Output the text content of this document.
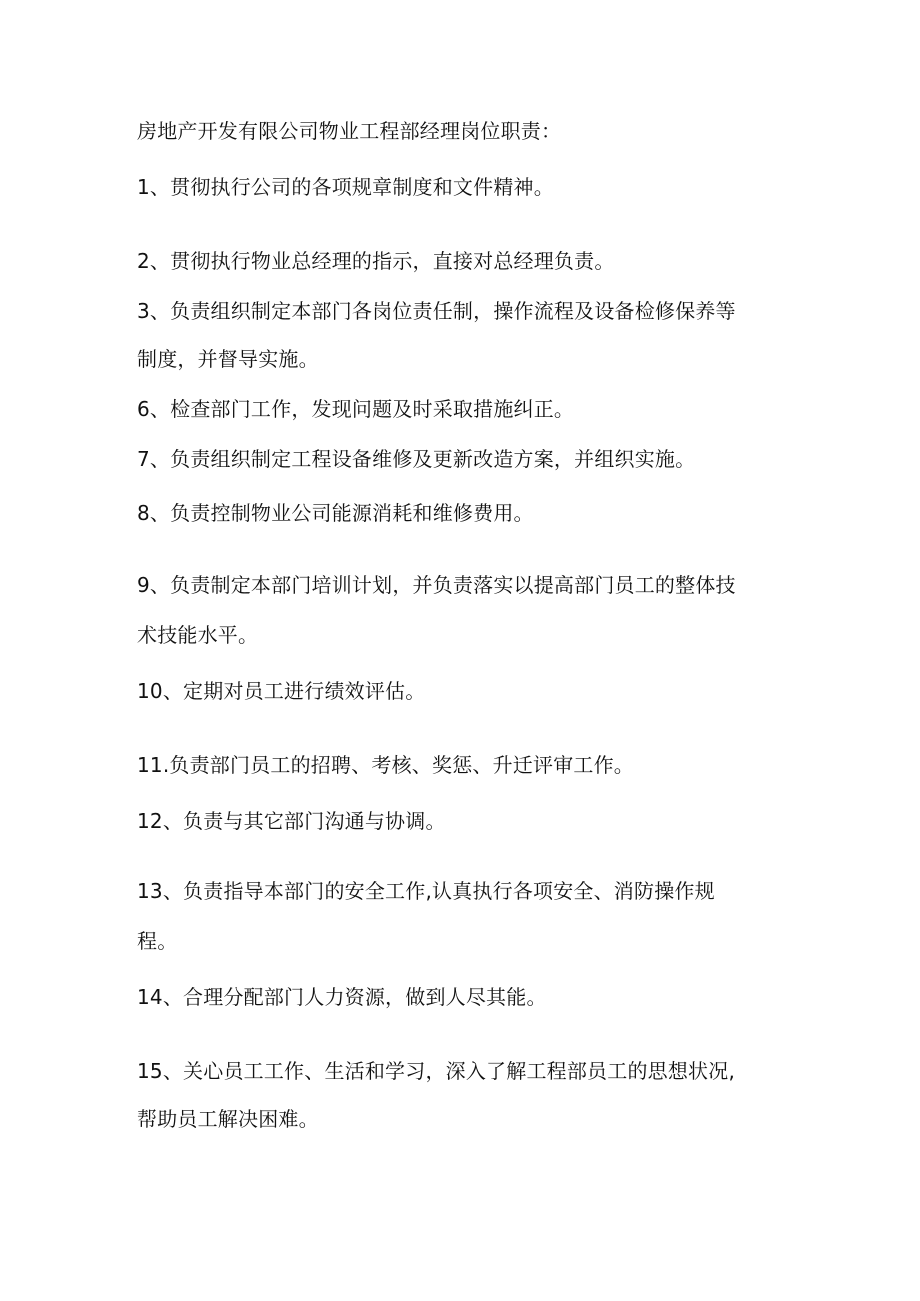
房地产开发有限公司物业工程部经理岗位职责：
1、贯彻执行公司的各项规章制度和文件精神。
2、贯彻执行物业总经理的指示，直接对总经理负责。
3、负责组织制定本部门各岗位责任制，操作流程及设备检修保养等
制度，并督导实施。
6、检查部门工作，发现问题及时采取措施纠正。
7、负责组织制定工程设备维修及更新改造方案，并组织实施。
8、负责控制物业公司能源消耗和维修费用。
9、负责制定本部门培训计划，并负责落实以提高部门员工的整体技
术技能水平。
10、定期对员工进行绩效评估。
11.负责部门员工的招聘、考核、奖惩、升迁评审工作。
12、负责与其它部门沟通与协调。
13、负责指导本部门的安全工作,认真执行各项安全、消防操作规
程。
14、合理分配部门人力资源，做到人尽其能。
15、关心员工工作、生活和学习，深入了解工程部员工的思想状况,
帮助员工解决困难。
